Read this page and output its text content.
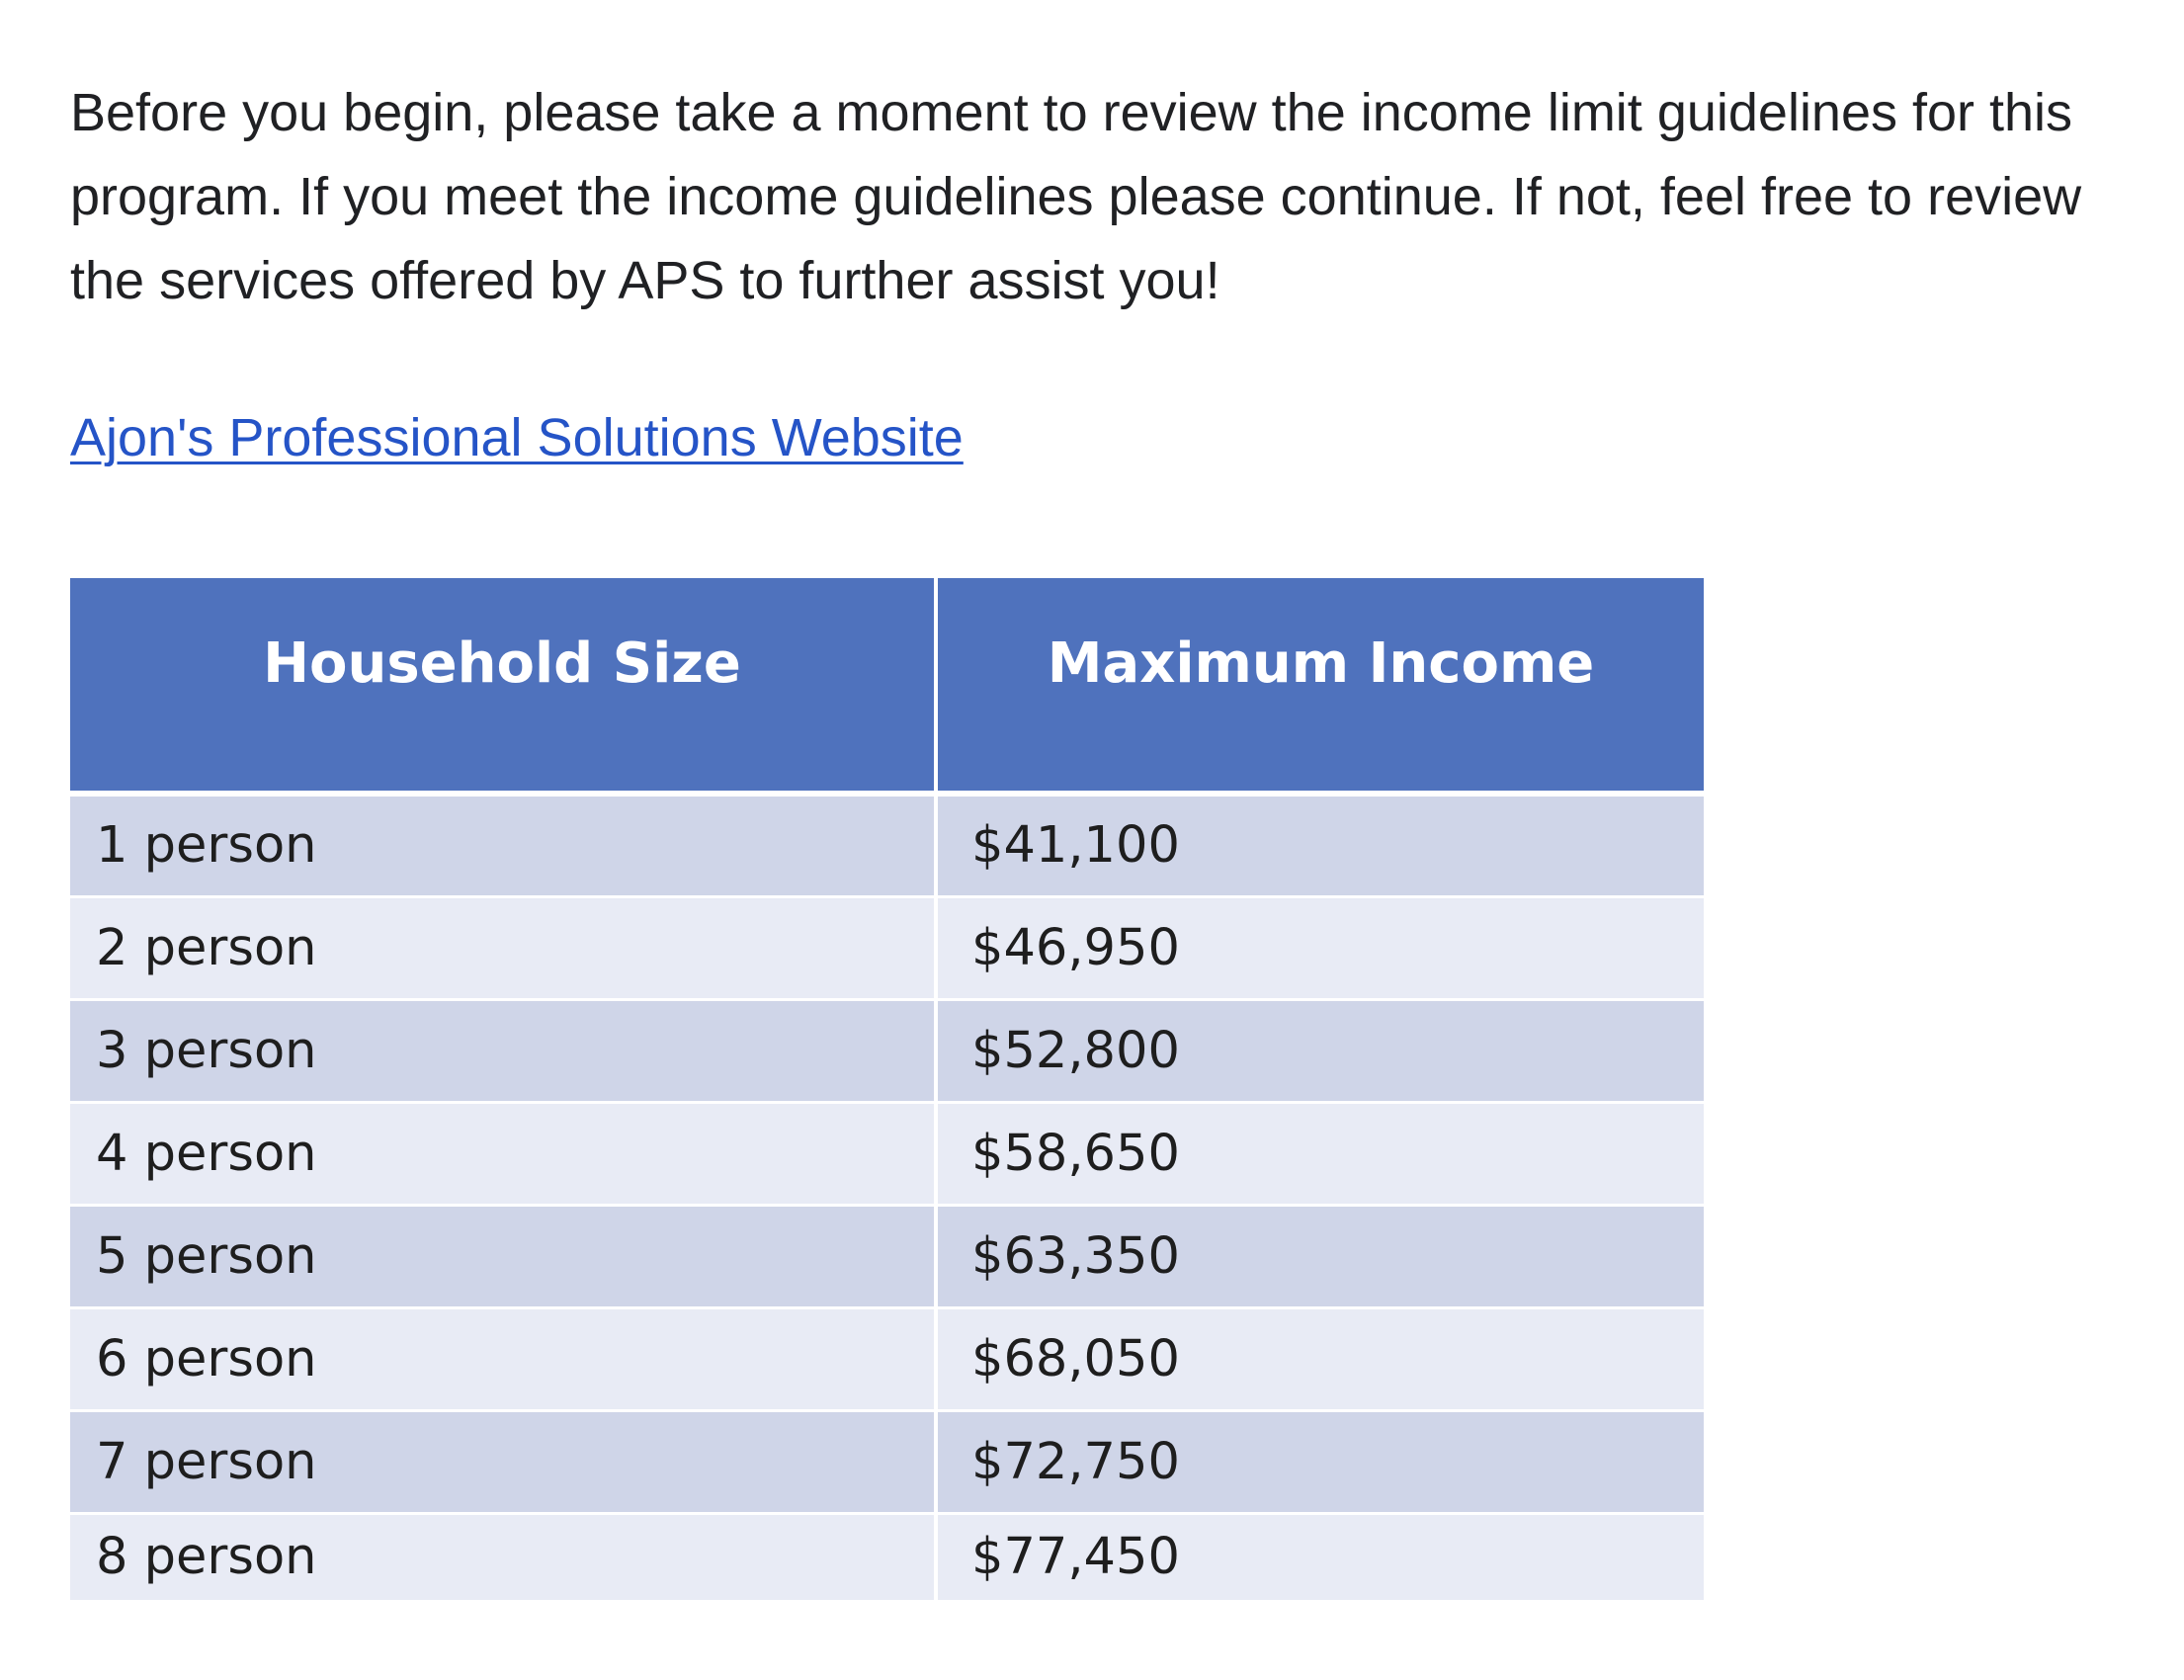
Before you begin, please take a moment to review the income limit guidelines for this program. If you meet the income guidelines please continue. If not, feel free to review the services offered by APS to further assist you!

Ajon's Professional Solutions Website
Household Size	Maximum Income
1 person	$41,100
2 person	$46,950
3 person	$52,800
4 person	$58,650
5 person	$63,350
6 person	$68,050
7 person	$72,750
8 person	$77,450
